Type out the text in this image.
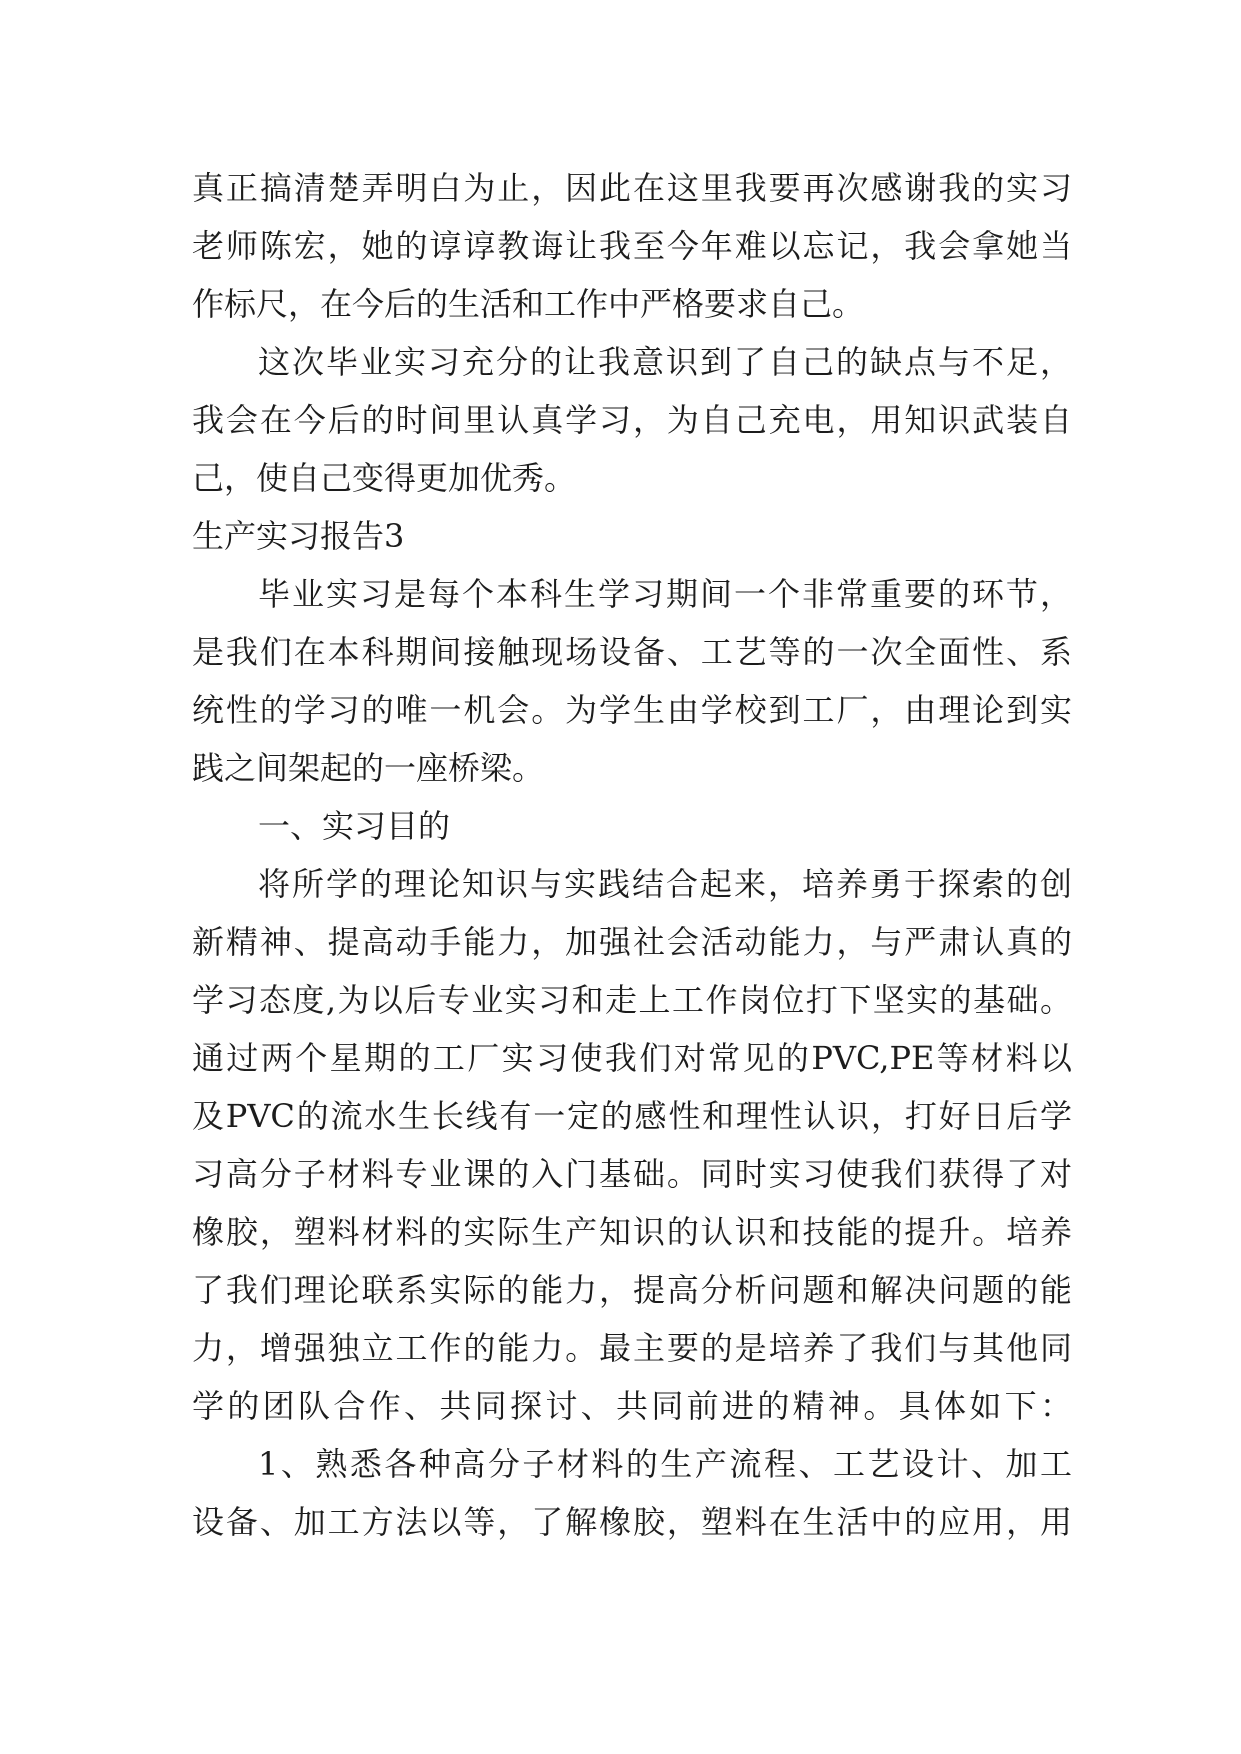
真正搞清楚弄明白为止，因此在这里我要再次感谢我的实习
老师陈宏，她的谆谆教诲让我至今年难以忘记，我会拿她当
作标尺，在今后的生活和工作中严格要求自己。
这次毕业实习充分的让我意识到了自己的缺点与不足，
我会在今后的时间里认真学习，为自己充电，用知识武装自
己，使自己变得更加优秀。
生产实习报告3
毕业实习是每个本科生学习期间一个非常重要的环节，
是我们在本科期间接触现场设备、工艺等的一次全面性、系
统性的学习的唯一机会。为学生由学校到工厂，由理论到实
践之间架起的一座桥梁。
一、实习目的
将所学的理论知识与实践结合起来，培养勇于探索的创
新精神、提高动手能力，加强社会活动能力，与严肃认真的
学习态度,为以后专业实习和走上工作岗位打下坚实的基础。
通过两个星期的工厂实习使我们对常见的PVC,PE等材料以
及PVC的流水生长线有一定的感性和理性认识，打好日后学
习高分子材料专业课的入门基础。同时实习使我们获得了对
橡胶，塑料材料的实际生产知识的认识和技能的提升。培养
了我们理论联系实际的能力，提高分析问题和解决问题的能
力，增强独立工作的能力。最主要的是培养了我们与其他同
学的团队合作、共同探讨、共同前进的精神。具体如下：
1、熟悉各种高分子材料的生产流程、工艺设计、加工
设备、加工方法以等，了解橡胶，塑料在生活中的应用，用
